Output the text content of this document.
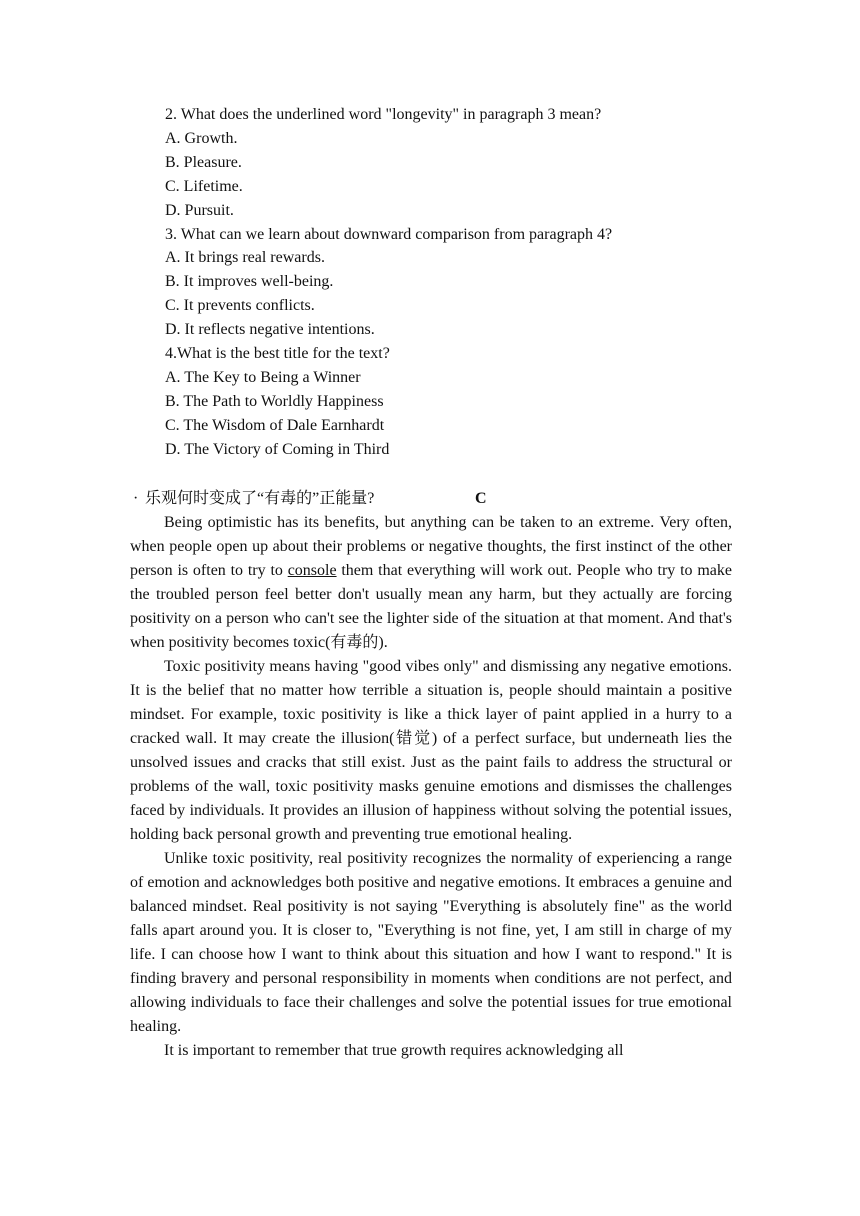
2. What does the underlined word "longevity" in paragraph 3 mean?
A. Growth.
B. Pleasure.
C. Lifetime.
D. Pursuit.
3. What can we learn about downward comparison from paragraph 4?
A. It brings real rewards.
B. It improves well-being.
C. It prevents conflicts.
D. It reflects negative intentions.
4.What is the best title for the text?
A. The Key to Being a Winner
B. The Path to Worldly Happiness
C. The Wisdom of Dale Earnhardt
D. The Victory of Coming in Third
· 乐观何时变成了“有毒的”正能量?	C

Being optimistic has its benefits, but anything can be taken to an extreme. Very often, when people open up about their problems or negative thoughts, the first instinct of the other person is often to try to console them that everything will work out. People who try to make the troubled person feel better don't usually mean any harm, but they actually are forcing positivity on a person who can't see the lighter side of the situation at that moment. And that's when positivity becomes toxic(有毒的).

Toxic positivity means having "good vibes only" and dismissing any negative emotions. It is the belief that no matter how terrible a situation is, people should maintain a positive mindset. For example, toxic positivity is like a thick layer of paint applied in a hurry to a cracked wall. It may create the illusion(错觉) of a perfect surface, but underneath lies the unsolved issues and cracks that still exist. Just as the paint fails to address the structural or problems of the wall, toxic positivity masks genuine emotions and dismisses the challenges faced by individuals. It provides an illusion of happiness without solving the potential issues, holding back personal growth and preventing true emotional healing.

Unlike toxic positivity, real positivity recognizes the normality of experiencing a range of emotion and acknowledges both positive and negative emotions. It embraces a genuine and balanced mindset. Real positivity is not saying "Everything is absolutely fine" as the world falls apart around you. It is closer to, "Everything is not fine, yet, I am still in charge of my life. I can choose how I want to think about this situation and how I want to respond." It is finding bravery and personal responsibility in moments when conditions are not perfect, and allowing individuals to face their challenges and solve the potential issues for true emotional healing.

It is important to remember that true growth requires acknowledging all
